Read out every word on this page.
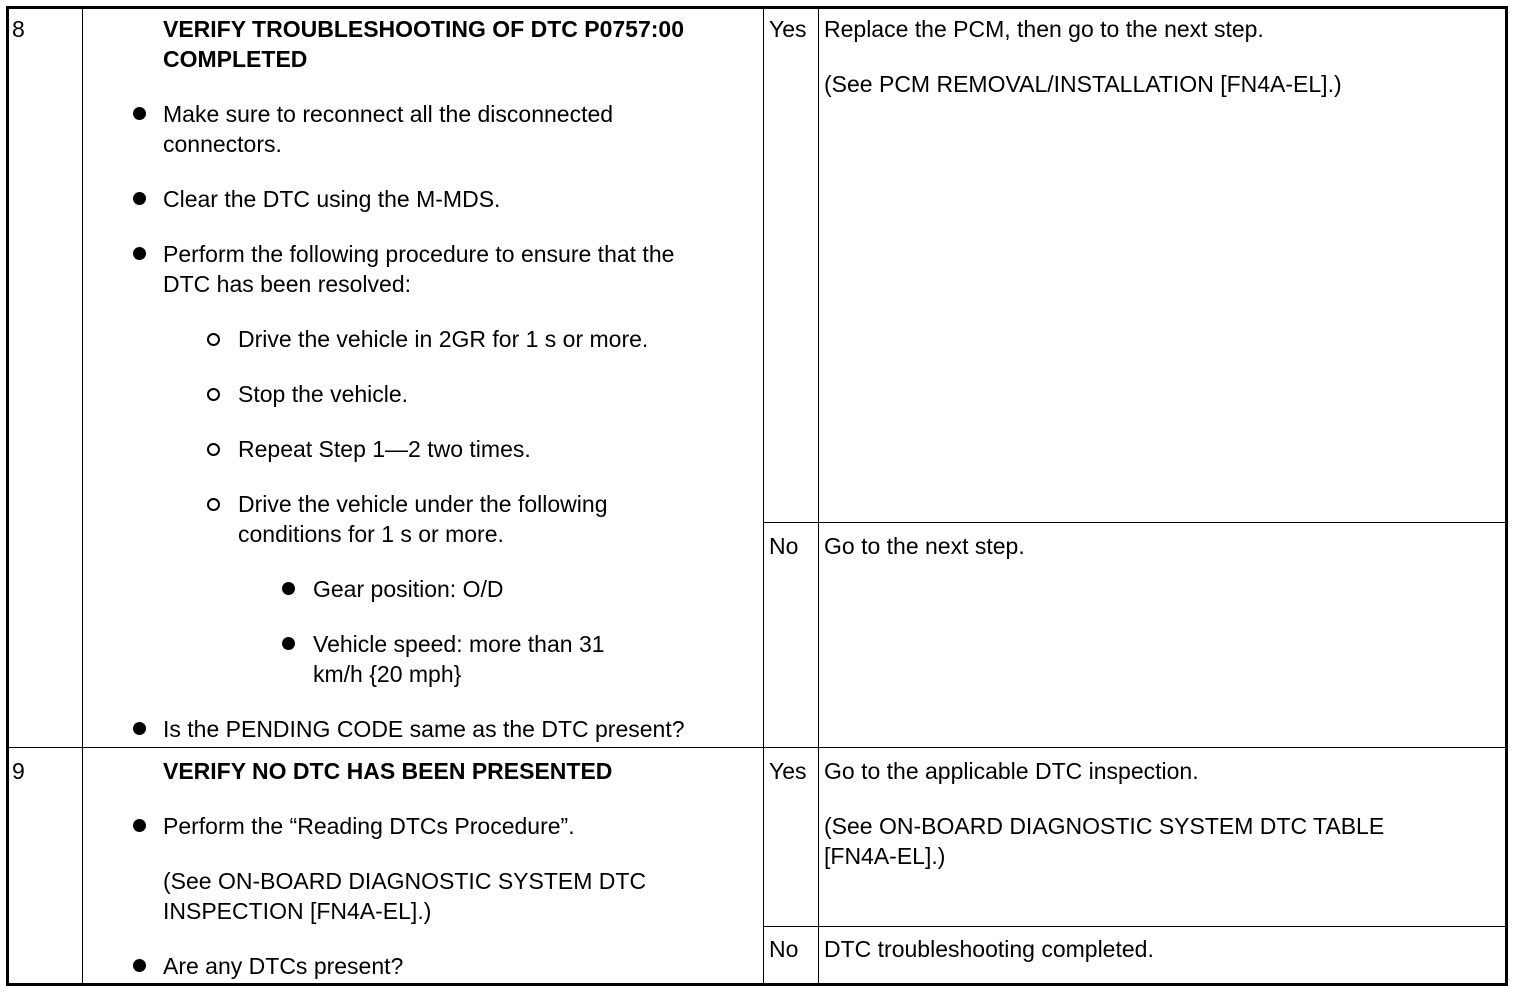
8	VERIFY TROUBLESHOOTING OF DTC P0757:00
COMPLETED
Make sure to reconnect all the disconnected
connectors.
Clear the DTC using the M-MDS.
Perform the following procedure to ensure that the
DTC has been resolved:
Drive the vehicle in 2GR for 1 s or more.
Stop the vehicle.
Repeat Step 1—2 two times.
Drive the vehicle under the following
conditions for 1 s or more.
Gear position: O/D
Vehicle speed: more than 31
km/h {20 mph}
Is the PENDING CODE same as the DTC present?
Yes Replace the PCM, then go to the next step.
(See PCM REMOVAL/INSTALLATION [FN4A-EL].)
No Go to the next step.
9	VERIFY NO DTC HAS BEEN PRESENTED
Perform the “Reading DTCs Procedure”.
(See ON-BOARD DIAGNOSTIC SYSTEM DTC
INSPECTION [FN4A-EL].)
Are any DTCs present?
Yes Go to the applicable DTC inspection.
(See ON-BOARD DIAGNOSTIC SYSTEM DTC TABLE
[FN4A-EL].)
No DTC troubleshooting completed.
